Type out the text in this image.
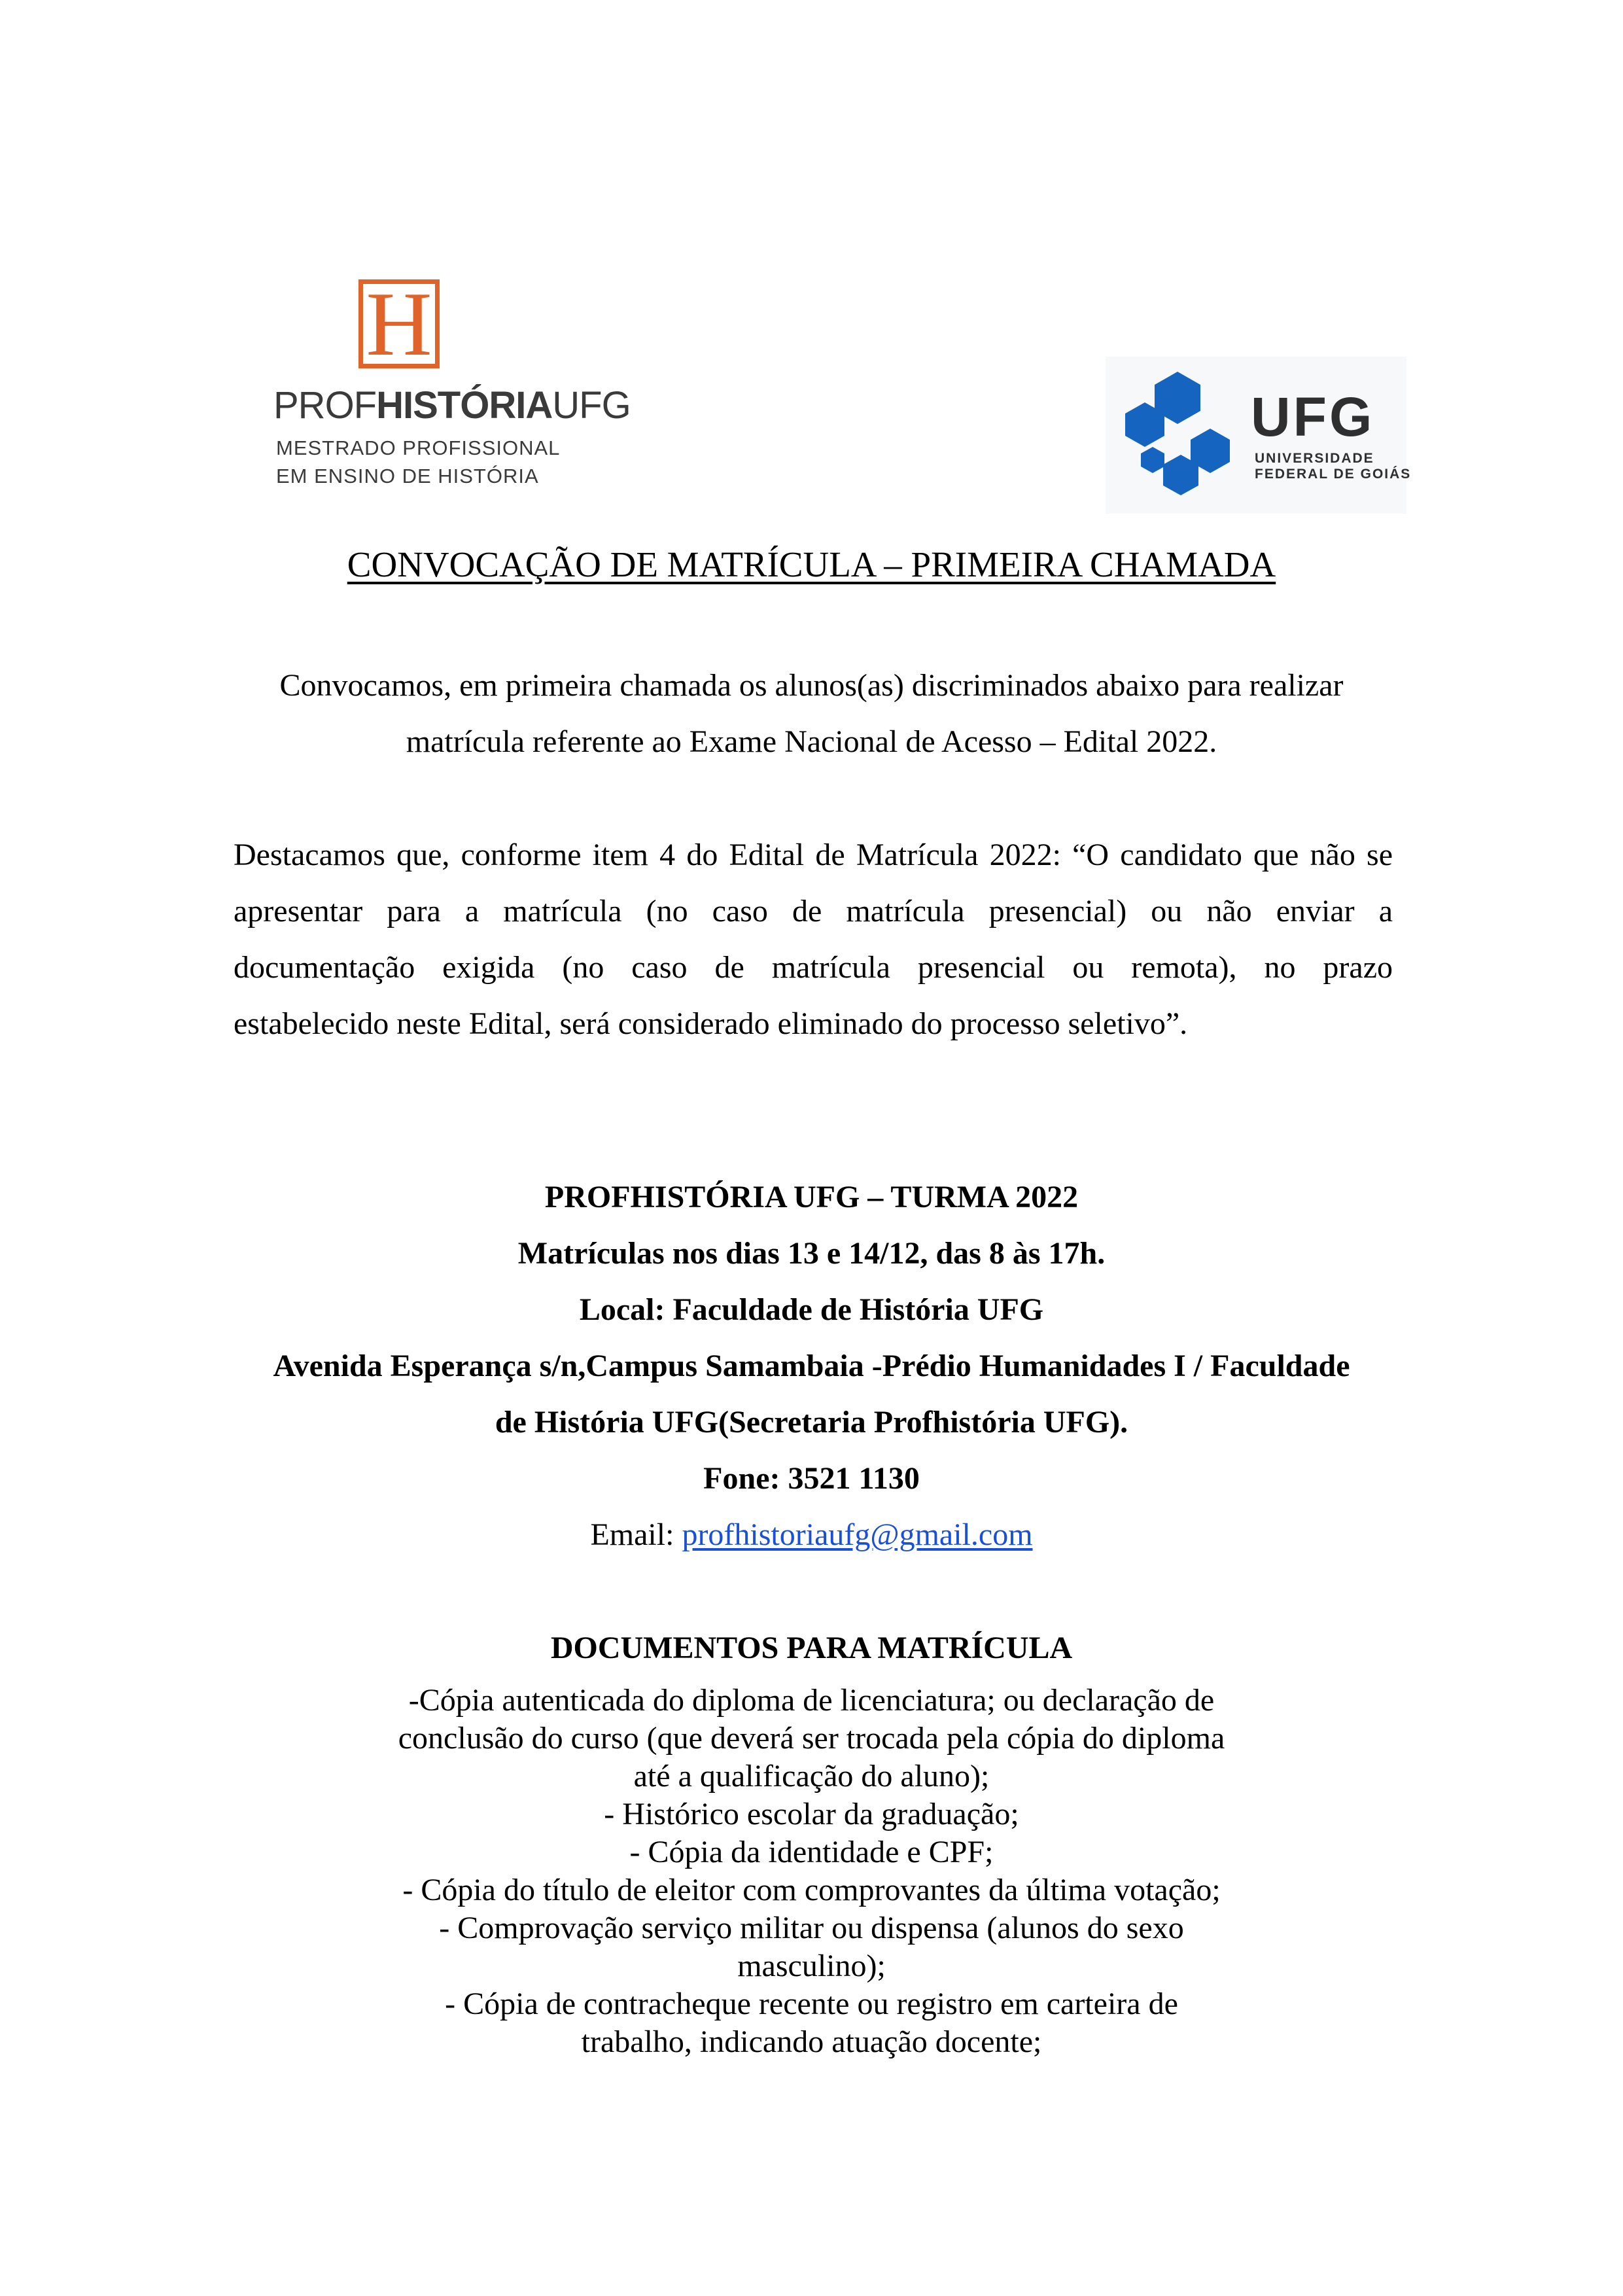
H
PROFHISTÓRIAUFG
MESTRADO PROFISSIONAL
EM ENSINO DE HISTÓRIA
UFG
UNIVERSIDADE
FEDERAL DE GOIÁS
CONVOCAÇÃO DE MATRÍCULA – PRIMEIRA CHAMADA
Convocamos, em primeira chamada os alunos(as) discriminados abaixo para realizar
matrícula referente ao Exame Nacional de Acesso – Edital 2022.
Destacamos que, conforme item 4 do Edital de Matrícula 2022: “O candidato que não se
apresentar para a matrícula (no caso de matrícula presencial) ou não enviar a
documentação exigida (no caso de matrícula presencial ou remota), no prazo
estabelecido neste Edital, será considerado eliminado do processo seletivo”.
PROFHISTÓRIA UFG – TURMA 2022
Matrículas nos dias 13 e 14/12, das 8 às 17h.
Local: Faculdade de História UFG
Avenida Esperança s/n,Campus Samambaia -Prédio Humanidades I / Faculdade
de História UFG(Secretaria Profhistória UFG).
Fone: 3521 1130
Email: profhistoriaufg@gmail.com
DOCUMENTOS PARA MATRÍCULA
-Cópia autenticada do diploma de licenciatura; ou declaração de
conclusão do curso (que deverá ser trocada pela cópia do diploma
até a qualificação do aluno);
- Histórico escolar da graduação;
- Cópia da identidade e CPF;
- Cópia do título de eleitor com comprovantes da última votação;
- Comprovação serviço militar ou dispensa (alunos do sexo
masculino);
- Cópia de contracheque recente ou registro em carteira de
trabalho, indicando atuação docente;
